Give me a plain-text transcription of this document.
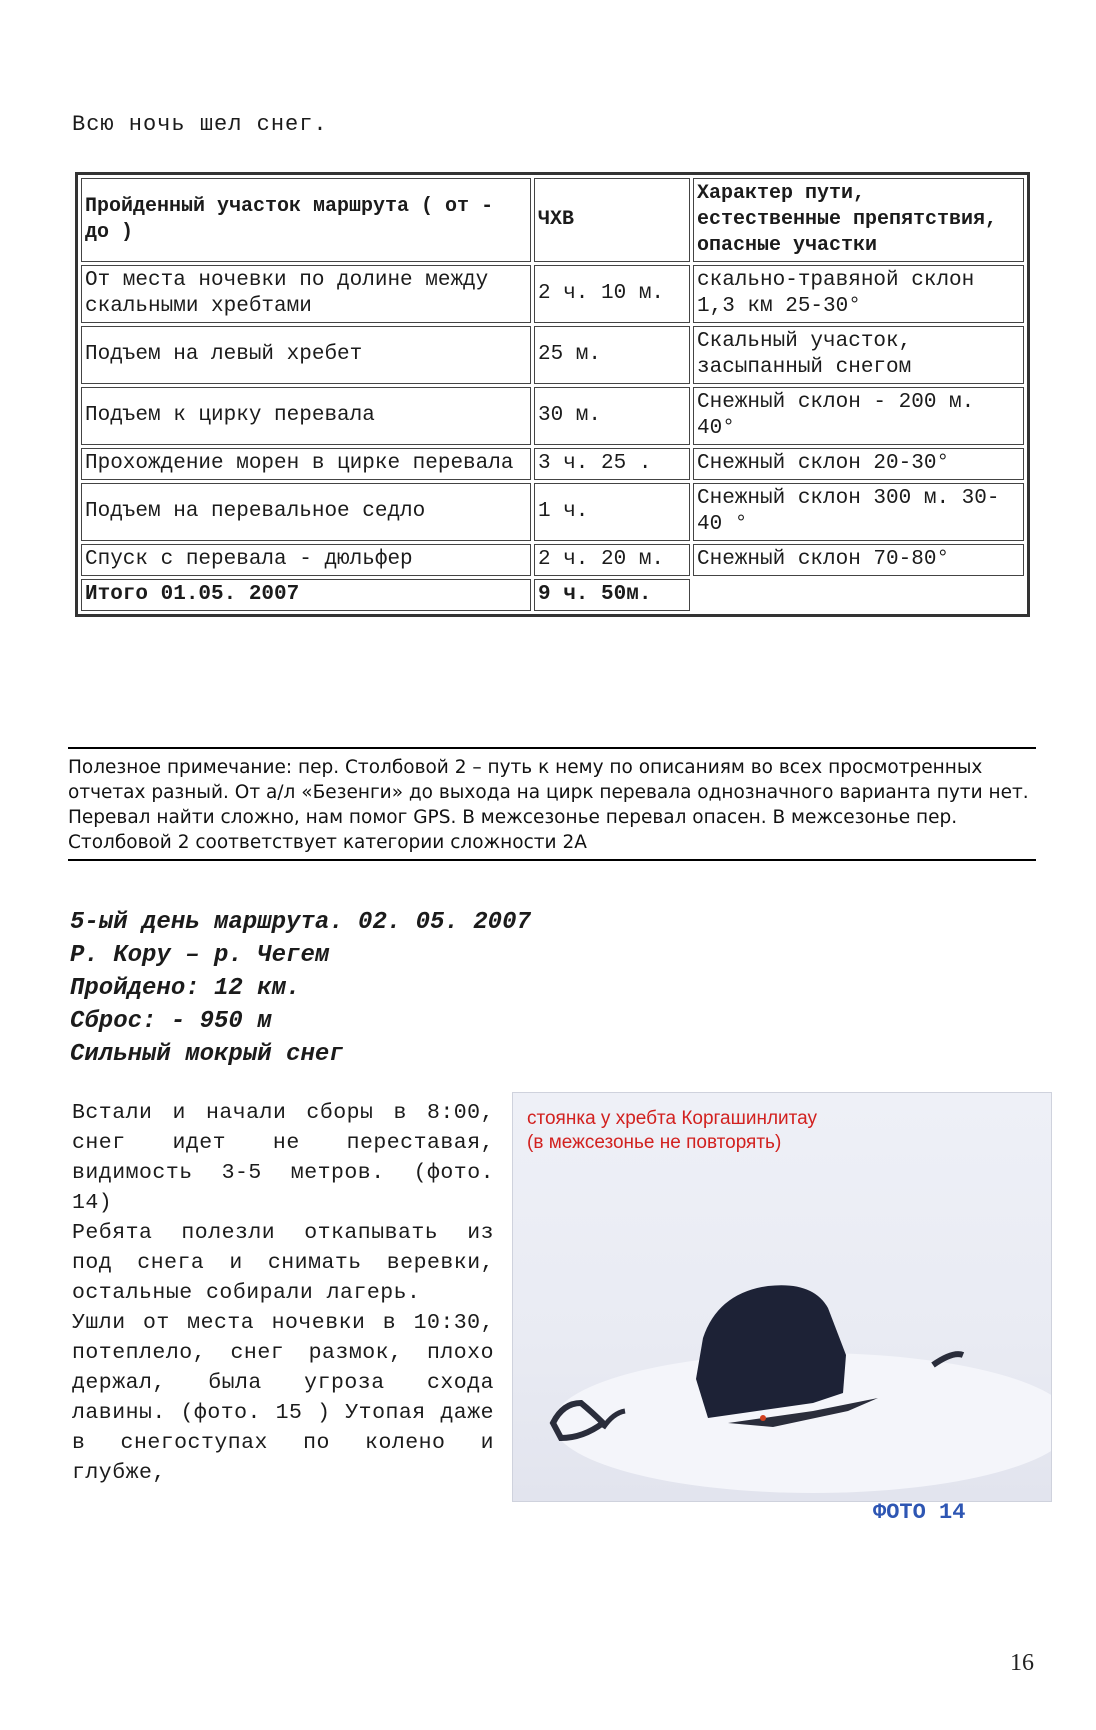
Всю ночь шел снег.
Пройденный участок маршрута ( от - до )	ЧХВ	Характер пути, естественные препятствия, опасные участки
От места ночевки по долине между скальными хребтами	2 ч. 10 м.	скально-травяной склон 1,3 км 25-30°
Подъем на левый хребет	25 м.	Скальный участок, засыпанный снегом
Подъем к цирку перевала	30 м.	Снежный склон - 200 м. 40°
Прохождение морен в цирке перевала	3 ч. 25 .	Снежный склон 20-30°
Подъем на перевальное седло	1 ч.	Снежный склон 300 м. 30-40 °
Спуск с перевала - дюльфер	2 ч. 20 м.	Снежный склон 70-80°
Итого 01.05. 2007	9 ч. 50м.	
Полезное примечание: пер. Столбовой 2 – путь к нему по описаниям во всех просмотренных отчетах разный. От а/л «Безенги» до выхода на цирк перевала однозначного варианта пути нет. Перевал найти сложно, нам помог GPS. В межсезонье перевал опасен. В межсезонье пер. Столбовой 2 соответствует категории сложности 2А
5-ый день маршрута. 02. 05. 2007
Р. Кору – р. Чегем
Пройдено: 12 км.
Сброс: - 950 м
Сильный мокрый снег

Встали и начали сборы в 8:00, снег идет не переставая, видимость 3-5 метров. (фото. 14)

Ребята полезли откапывать из под снега и снимать веревки, остальные собирали лагерь.

Ушли от места ночевки в 10:30, потеплело, снег размок, плохо держал, была угроза схода лавины. (фото. 15 ) Утопая даже в снегоступах по колено и глубже,

стоянка у хребта Коргашинлитау (в межсезонье не повторять)
ФОТО 14
16
